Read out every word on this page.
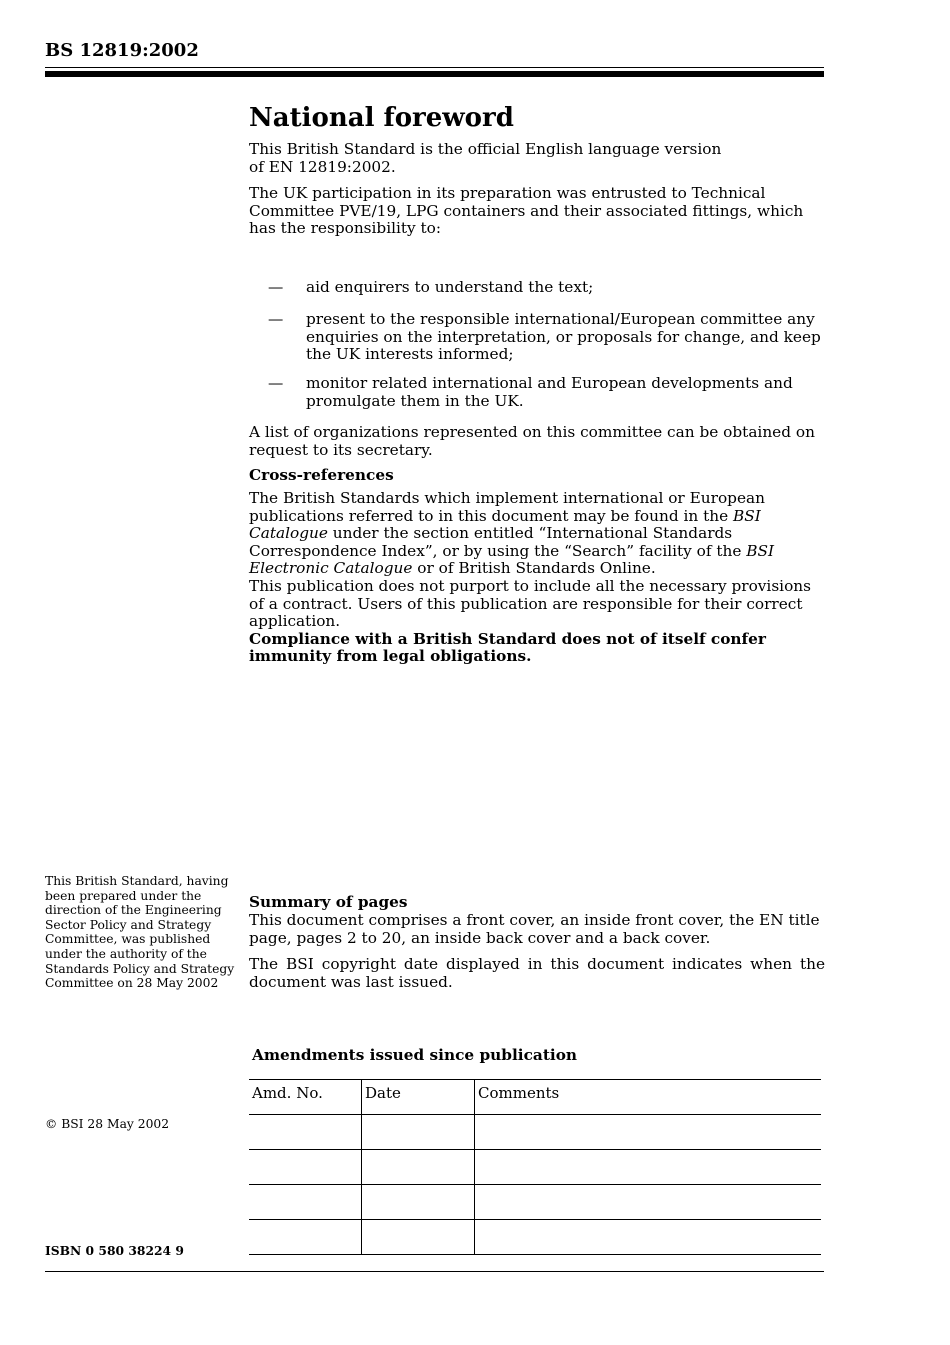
BS 12819:2002
National foreword

This British Standard is the official English language version of EN 12819:2002.

The UK participation in its preparation was entrusted to Technical Committee PVE/19, LPG containers and their associated fittings, which has the responsibility to:

— aid enquirers to understand the text;
— present to the responsible international/European committee any enquiries on the interpretation, or proposals for change, and keep the UK interests informed;
— monitor related international and European developments and promulgate them in the UK.

A list of organizations represented on this committee can be obtained on request to its secretary.

Cross-references

The British Standards which implement international or European publications referred to in this document may be found in the BSI Catalogue under the section entitled “International Standards Correspondence Index”, or by using the “Search” facility of the BSI Electronic Catalogue or of British Standards Online.

This publication does not purport to include all the necessary provisions of a contract. Users of this publication are responsible for their correct application.

Compliance with a British Standard does not of itself confer immunity from legal obligations.

This British Standard, having been prepared under the direction of the Engineering Sector Policy and Strategy Committee, was published under the authority of the Standards Policy and Strategy Committee on 28 May 2002
Summary of pages

This document comprises a front cover, an inside front cover, the EN title page, pages 2 to 20, an inside back cover and a back cover.

The BSI copyright date displayed in this document indicates when the document was last issued.

Amendments issued since publication
Amd. No.	Date	Comments

© BSI 28 May 2002
ISBN 0 580 38224 9
